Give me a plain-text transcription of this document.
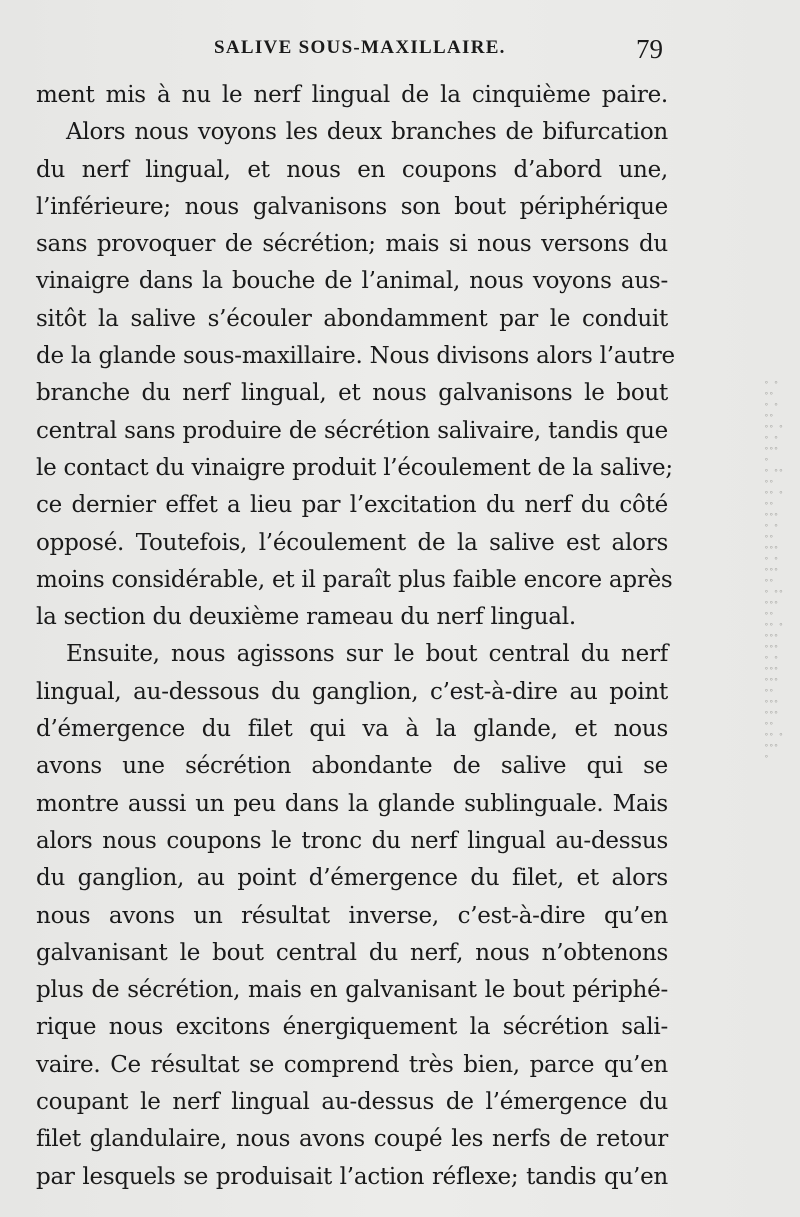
SALIVE SOUS-MAXILLAIRE.	79
ment mis à nu le nerf lingual de la cinquième paire.
Alors nous voyons les deux branches de bifurcation
du nerf lingual, et nous en coupons d’abord une,
l’inférieure; nous galvanisons son bout périphérique
sans provoquer de sécrétion; mais si nous versons du
vinaigre dans la bouche de l’animal, nous voyons aus-
sitôt la salive s’écouler abondamment par le conduit
de la glande sous-maxillaire. Nous divisons alors l’autre
branche du nerf lingual, et nous galvanisons le bout
central sans produire de sécrétion salivaire, tandis que
le contact du vinaigre produit l’écoulement de la salive;
ce dernier effet a lieu par l’excitation du nerf du côté
opposé. Toutefois, l’écoulement de la salive est alors
moins considérable, et il paraît plus faible encore après
la section du deuxième rameau du nerf lingual.
Ensuite, nous agissons sur le bout central du nerf
lingual, au-dessous du ganglion, c’est-à-dire au point
d’émergence du filet qui va à la glande, et nous
avons une sécrétion abondante de salive qui se
montre aussi un peu dans la glande sublinguale. Mais
alors nous coupons le tronc du nerf lingual au-dessus
du ganglion, au point d’émergence du filet, et alors
nous avons un résultat inverse, c’est-à-dire qu’en
galvanisant le bout central du nerf, nous n’obtenons
plus de sécrétion, mais en galvanisant le bout périphé-
rique nous excitons énergiquement la sécrétion sali-
vaire. Ce résultat se comprend très bien, parce qu’en
coupant le nerf lingual au-dessus de l’émergence du
filet glandulaire, nous avons coupé les nerfs de retour
par lesquels se produisait l’action réflexe; tandis qu’en
° °
°°
° °
°°
°° °
° °
°°°
°
° °°
°°
°° °
°°
°°°
° °
°°
°°°
° °
°°°
°°
° °°
°°°
°°
°° °
°°°
°°°
° °
°°°
°°°
°°
°°°
°°°
°°
°° °
°°°
°
